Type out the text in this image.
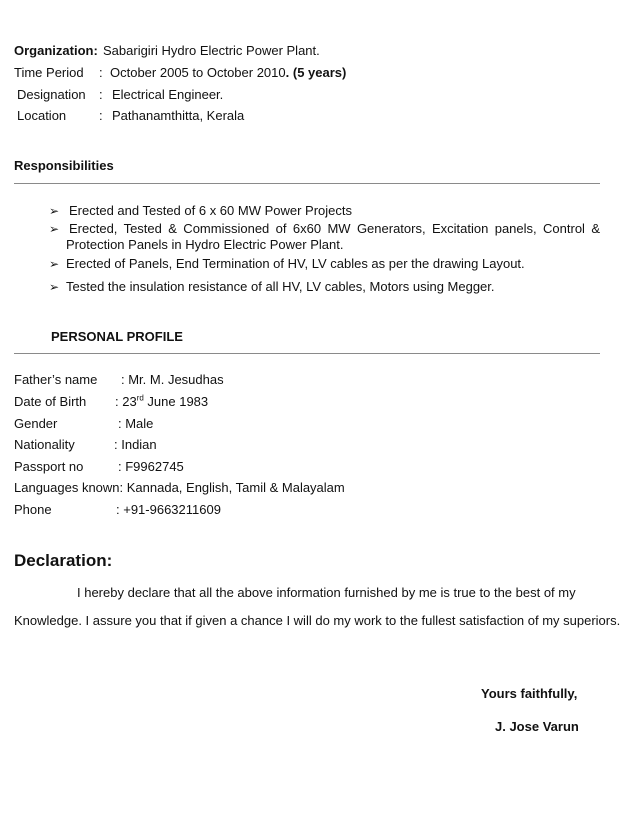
Organization: Sabarigiri Hydro Electric Power Plant.
Time Period : October 2005 to October 2010. (5 years)
Designation : Electrical Engineer.
Location	: Pathanamthitta, Kerala
Responsibilities
➢ Erected and Tested of 6 x 60 MW Power Projects
➢ Erected, Tested & Commissioned of 6x60 MW Generators, Excitation panels, Control &
Protection Panels in Hydro Electric Power Plant.
➢ Erected of Panels, End Termination of HV, LV cables as per the drawing Layout.
➢ Tested the insulation resistance of all HV, LV cables, Motors using Megger.
PERSONAL PROFILE
Father’s name : Mr. M. Jesudhas
Date of Birth : 23rd June 1983
Gender	: Male
Nationality	: Indian
Passport no	: F9962745
Languages known: Kannada, English, Tamil & Malayalam
Phone	: +91-9663211609
Declaration:
I hereby declare that all the above information furnished by me is true to the best of my
Knowledge. I assure you that if given a chance I will do my work to the fullest satisfaction of my superiors.
Yours faithfully,
J. Jose Varun
